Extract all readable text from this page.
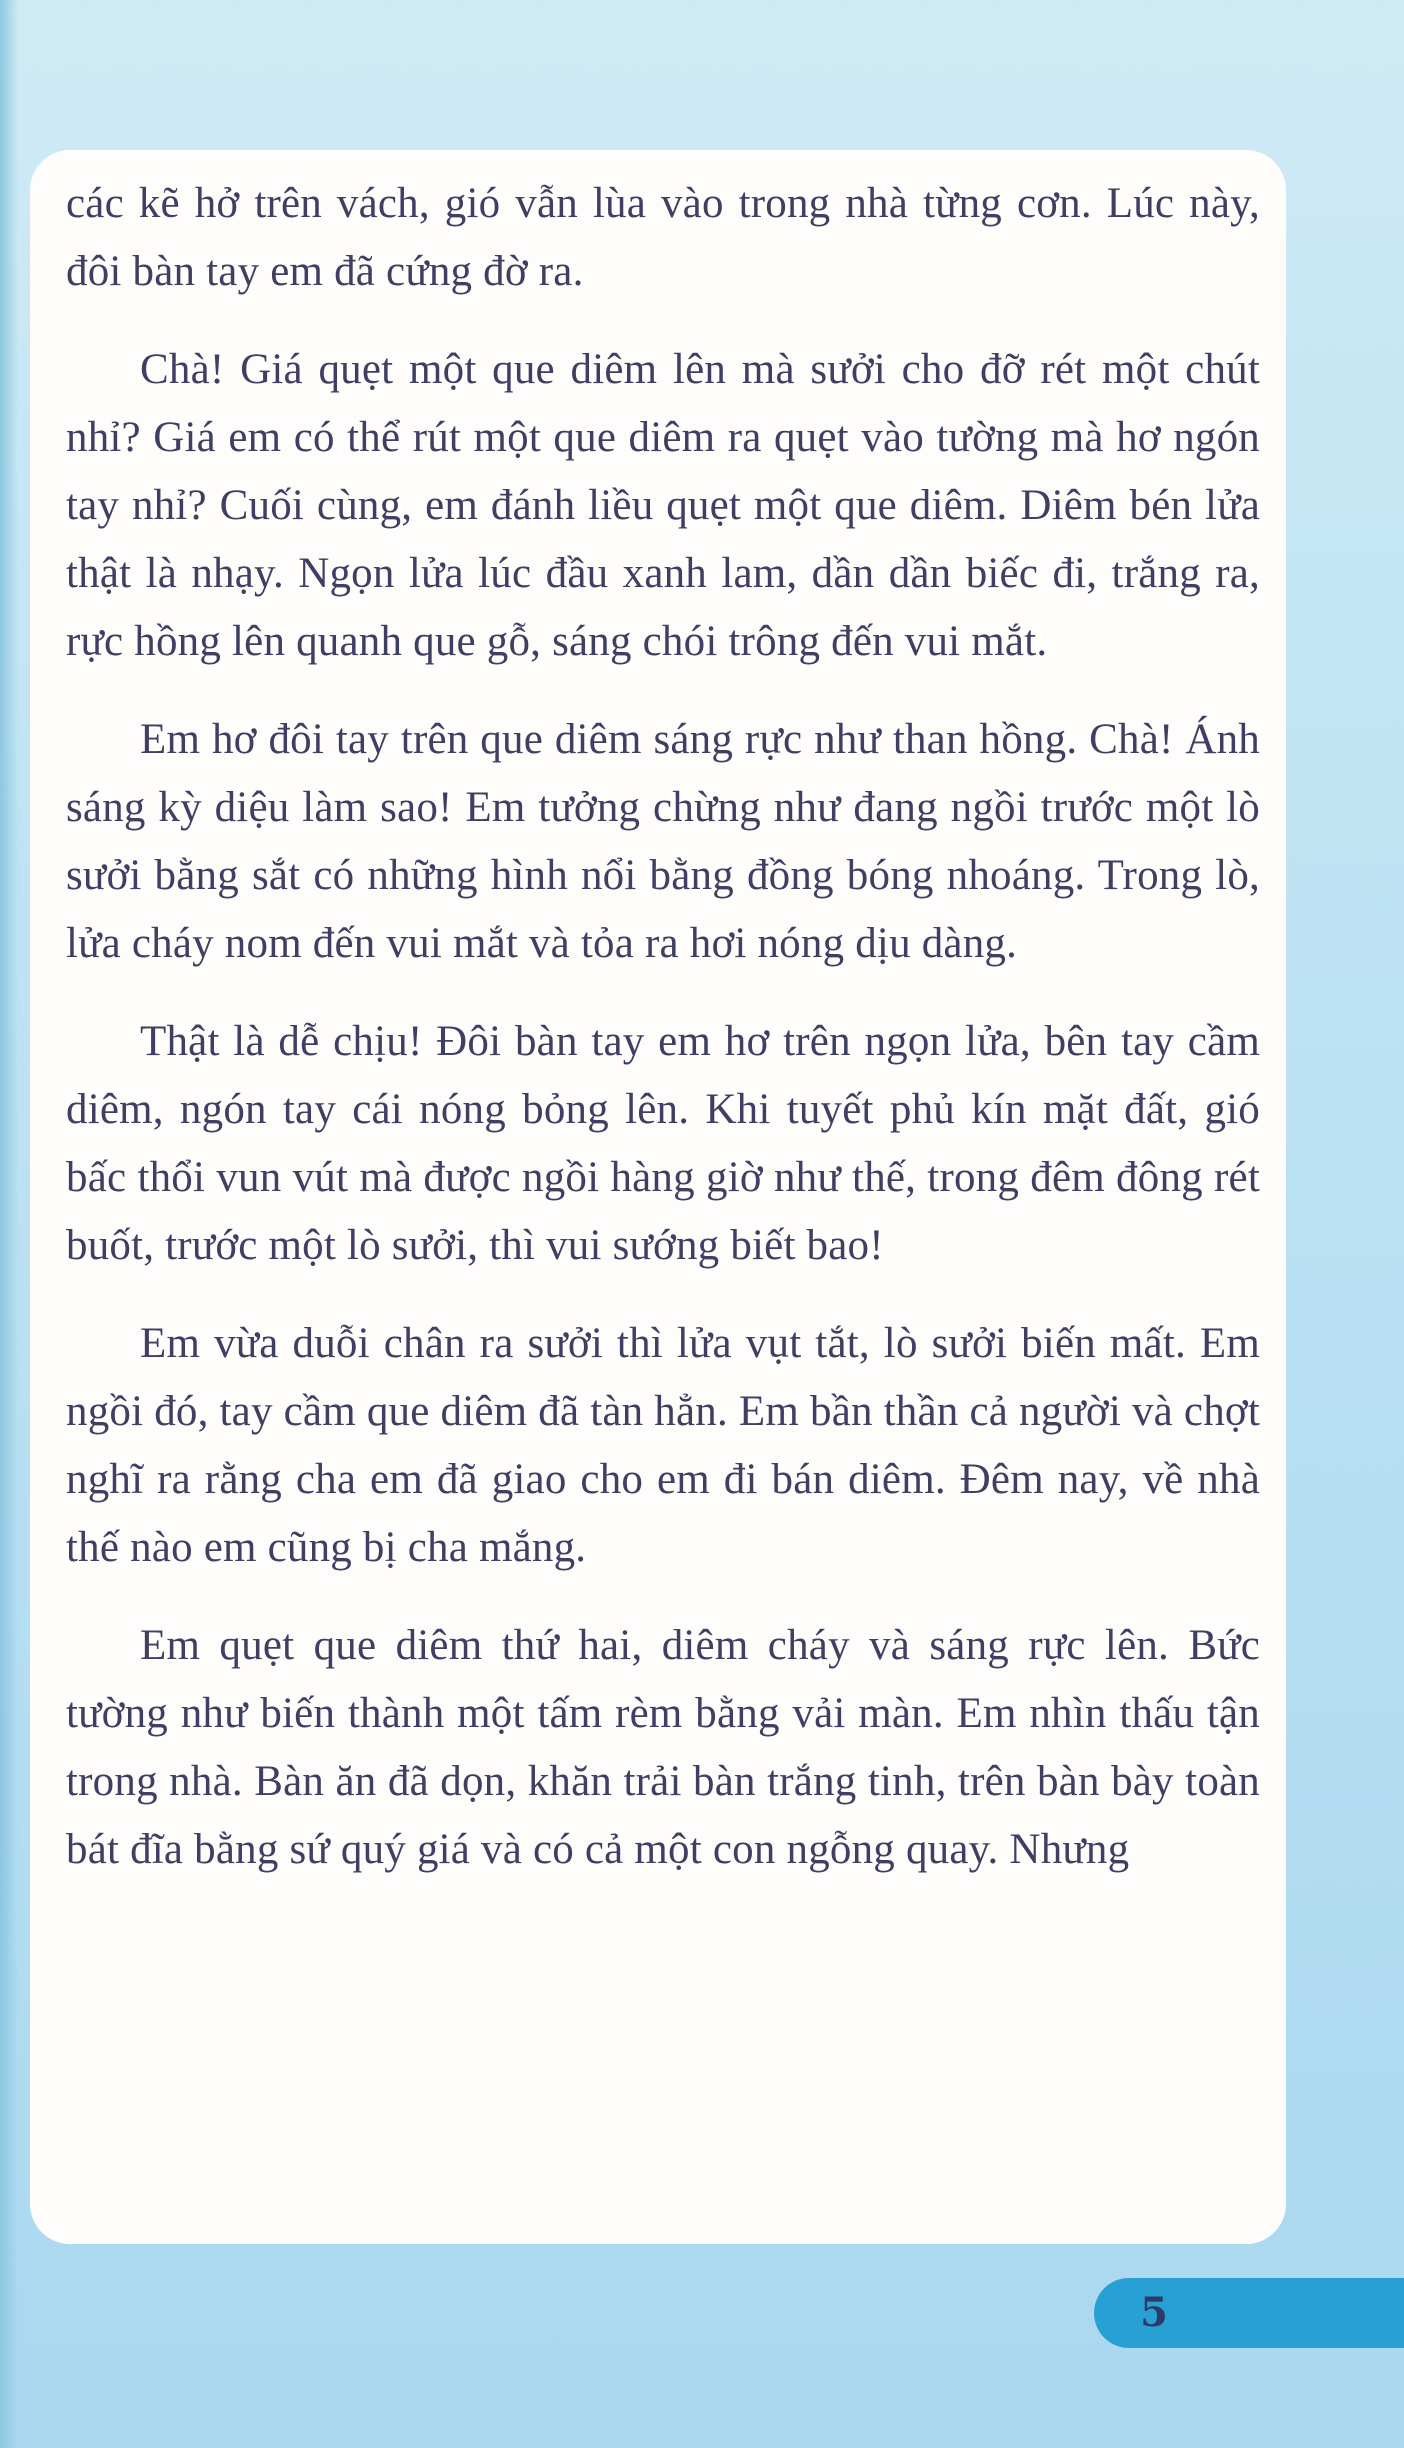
các kẽ hở trên vách, gió vẫn lùa vào trong nhà từng cơn. Lúc này, đôi bàn tay em đã cứng đờ ra.

Chà! Giá quẹt một que diêm lên mà sưởi cho đỡ rét một chút nhỉ? Giá em có thể rút một que diêm ra quẹt vào tường mà hơ ngón tay nhỉ? Cuối cùng, em đánh liều quẹt một que diêm. Diêm bén lửa thật là nhạy. Ngọn lửa lúc đầu xanh lam, dần dần biếc đi, trắng ra, rực hồng lên quanh que gỗ, sáng chói trông đến vui mắt.

Em hơ đôi tay trên que diêm sáng rực như than hồng. Chà! Ánh sáng kỳ diệu làm sao! Em tưởng chừng như đang ngồi trước một lò sưởi bằng sắt có những hình nổi bằng đồng bóng nhoáng. Trong lò, lửa cháy nom đến vui mắt và tỏa ra hơi nóng dịu dàng.

Thật là dễ chịu! Đôi bàn tay em hơ trên ngọn lửa, bên tay cầm diêm, ngón tay cái nóng bỏng lên. Khi tuyết phủ kín mặt đất, gió bấc thổi vun vút mà được ngồi hàng giờ như thế, trong đêm đông rét buốt, trước một lò sưởi, thì vui sướng biết bao!

Em vừa duỗi chân ra sưởi thì lửa vụt tắt, lò sưởi biến mất. Em ngồi đó, tay cầm que diêm đã tàn hẳn. Em bần thần cả người và chợt nghĩ ra rằng cha em đã giao cho em đi bán diêm. Đêm nay, về nhà thế nào em cũng bị cha mắng.

Em quẹt que diêm thứ hai, diêm cháy và sáng rực lên. Bức tường như biến thành một tấm rèm bằng vải màn. Em nhìn thấu tận trong nhà. Bàn ăn đã dọn, khăn trải bàn trắng tinh, trên bàn bày toàn bát đĩa bằng sứ quý giá và có cả một con ngỗng quay. Nhưng

5
